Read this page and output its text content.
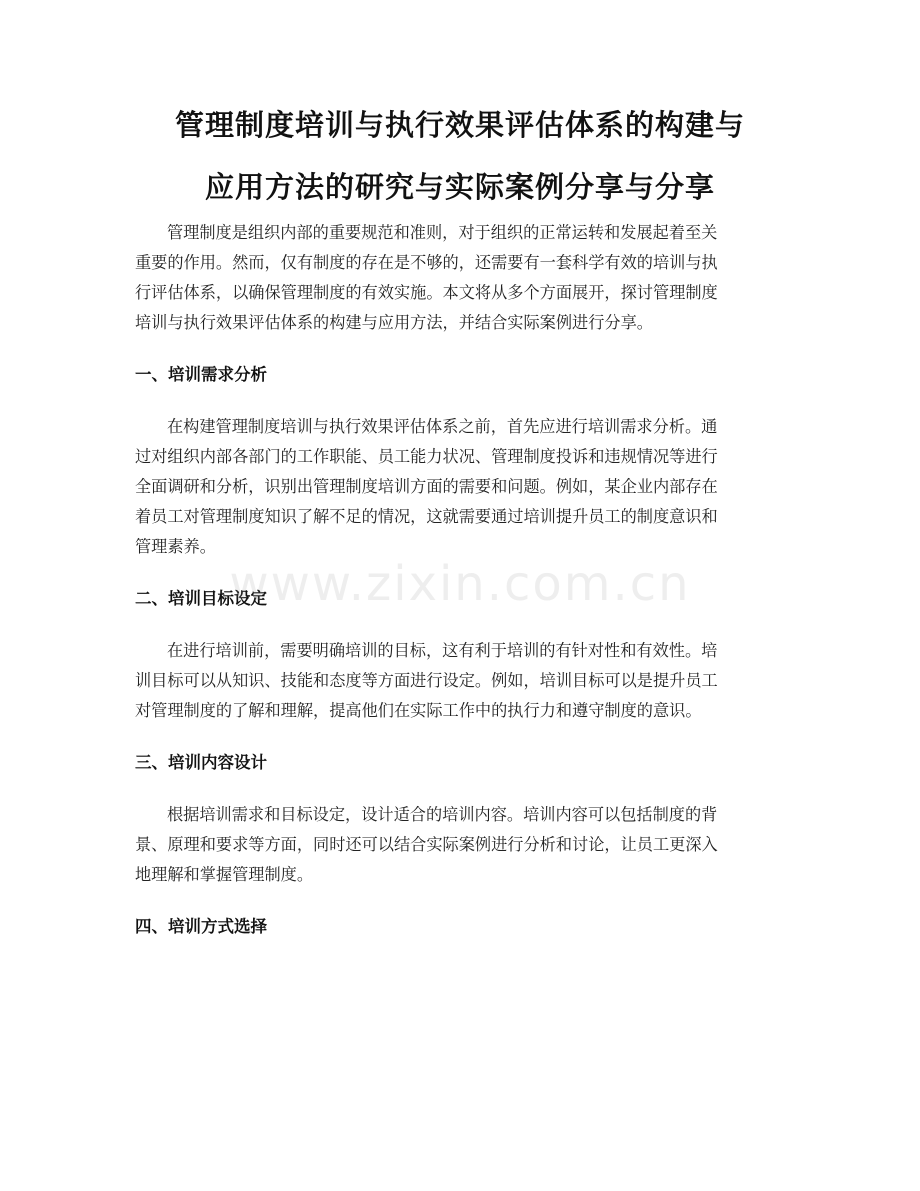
管理制度培训与执行效果评估体系的构建与
应用方法的研究与实际案例分享与分享

管理制度是组织内部的重要规范和准则，对于组织的正常运转和发展起着至关
重要的作用。然而，仅有制度的存在是不够的，还需要有一套科学有效的培训与执
行评估体系，以确保管理制度的有效实施。本文将从多个方面展开，探讨管理制度
培训与执行效果评估体系的构建与应用方法，并结合实际案例进行分享。

一、培训需求分析

在构建管理制度培训与执行效果评估体系之前，首先应进行培训需求分析。通
过对组织内部各部门的工作职能、员工能力状况、管理制度投诉和违规情况等进行
全面调研和分析，识别出管理制度培训方面的需要和问题。例如，某企业内部存在
着员工对管理制度知识了解不足的情况，这就需要通过培训提升员工的制度意识和
管理素养。

二、培训目标设定

在进行培训前，需要明确培训的目标，这有利于培训的有针对性和有效性。培
训目标可以从知识、技能和态度等方面进行设定。例如，培训目标可以是提升员工
对管理制度的了解和理解，提高他们在实际工作中的执行力和遵守制度的意识。

三、培训内容设计

根据培训需求和目标设定，设计适合的培训内容。培训内容可以包括制度的背
景、原理和要求等方面，同时还可以结合实际案例进行分析和讨论，让员工更深入
地理解和掌握管理制度。

四、培训方式选择
www.zixin.com.cn
